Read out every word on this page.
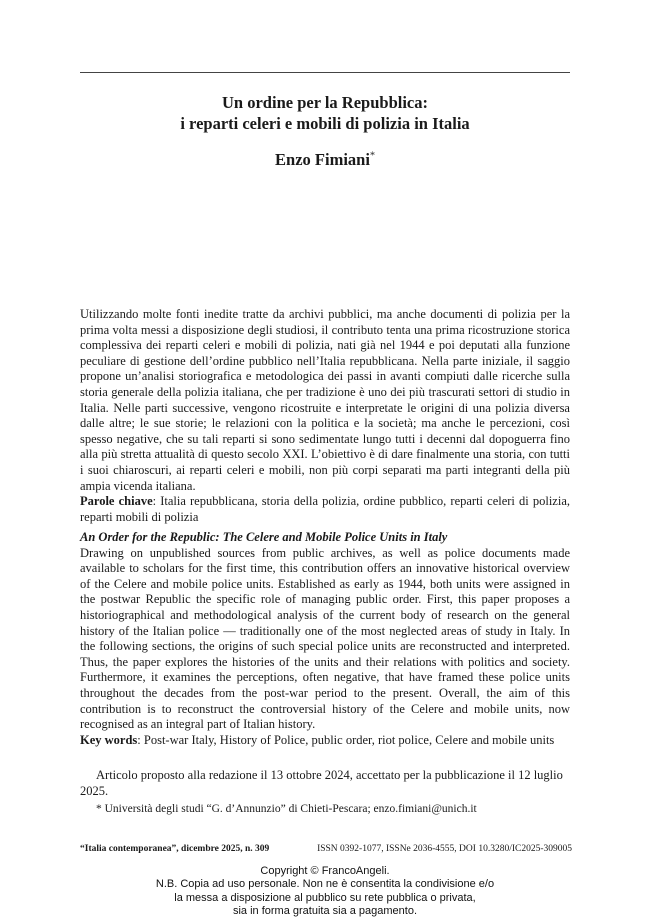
Un ordine per la Repubblica:
i reparti celeri e mobili di polizia in Italia
Enzo Fimiani*

Utilizzando molte fonti inedite tratte da archivi pubblici, ma anche documenti di polizia per la prima volta messi a disposizione degli studiosi, il contributo tenta una prima ricostruzione storica complessiva dei reparti celeri e mobili di polizia, nati già nel 1944 e poi deputati alla funzione peculiare di gestione dell’ordine pubblico nell’Italia repubblicana. Nella parte iniziale, il saggio propone un’analisi storiografica e metodologica dei passi in avanti compiuti dalle ricerche sulla storia generale della polizia italiana, che per tradizione è uno dei più trascurati settori di studio in Italia. Nelle parti successive, vengono ricostruite e interpretate le origini di una polizia diversa dalle altre; le sue storie; le relazioni con la politica e la società; ma anche le percezioni, così spesso negative, che su tali reparti si sono sedimentate lungo tutti i decenni dal dopoguerra fino alla più stretta attualità di questo secolo XXI. L’obiettivo è di dare finalmente una storia, con tutti i suoi chiaroscuri, ai reparti celeri e mobili, non più corpi separati ma parti integranti della più ampia vicenda italiana.

Parole chiave: Italia repubblicana, storia della polizia, ordine pubblico, reparti celeri di polizia, reparti mobili di polizia

An Order for the Republic: The Celere and Mobile Police Units in Italy

Drawing on unpublished sources from public archives, as well as police documents made available to scholars for the first time, this contribution offers an innovative historical overview of the Celere and mobile police units. Established as early as 1944, both units were assigned in the postwar Republic the specific role of managing public order. First, this paper proposes a historiographical and methodological analysis of the current body of research on the general history of the Italian police — traditionally one of the most neglected areas of study in Italy. In the following sections, the origins of such special police units are reconstructed and interpreted. Thus, the paper explores the histories of the units and their relations with politics and society. Furthermore, it examines the perceptions, often negative, that have framed these police units throughout the decades from the post-war period to the present. Overall, the aim of this contribution is to reconstruct the controversial history of the Celere and mobile units, now recognised as an integral part of Italian history.

Key words: Post-war Italy, History of Police, public order, riot police, Celere and mobile units

Articolo proposto alla redazione il 13 ottobre 2024, accettato per la pubblicazione il 12 luglio 2025.
* Università degli studi “G. d’Annunzio” di Chieti-Pescara; enzo.fimiani@unich.it
“Italia contemporanea”, dicembre 2025, n. 309	ISSN 0392-1077, ISSNe 2036-4555, DOI 10.3280/IC2025-309005
Copyright © FrancoAngeli.
N.B. Copia ad uso personale. Non ne è consentita la condivisione e/o
la messa a disposizione al pubblico su rete pubblica o privata,
sia in forma gratuita sia a pagamento.
